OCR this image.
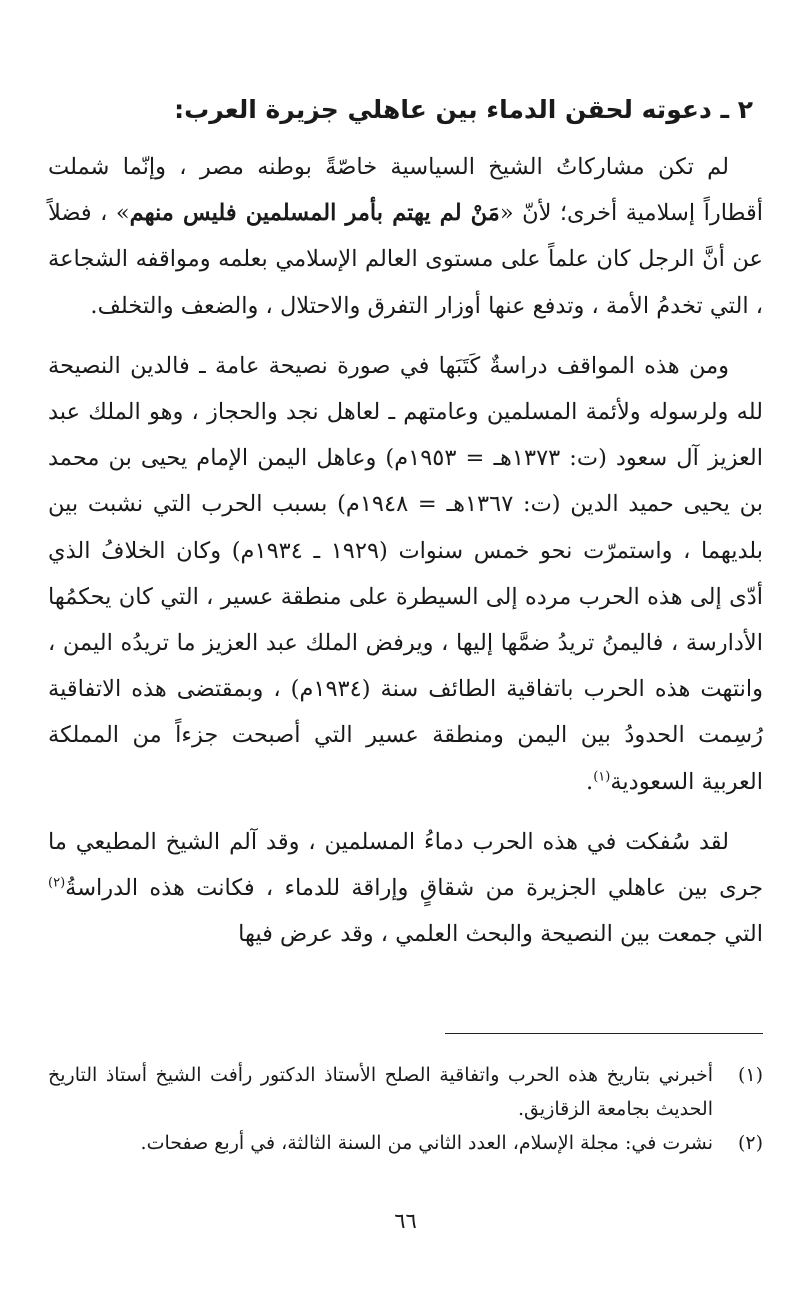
٢ ـ دعوته لحقن الدماء بين عاهلي جزيرة العرب:

لم تكن مشاركاتُ الشيخ السياسية خاصّةً بوطنه مصر ، وإنّما شملت أقطاراً إسلامية أخرى؛ لأنّ «مَنْ لم يهتم بأمر المسلمين فليس منهم» ، فضلاً عن أنَّ الرجل كان علماً على مستوى العالم الإسلامي بعلمه ومواقفه الشجاعة ، التي تخدمُ الأمة ، وتدفع عنها أوزار التفرق والاحتلال ، والضعف والتخلف.

ومن هذه المواقف دراسةٌ كَتَبَها في صورة نصيحة عامة ـ فالدين النصيحة لله ولرسوله ولأئمة المسلمين وعامتهم ـ لعاهل نجد والحجاز ، وهو الملك عبد العزيز آل سعود (ت: ١٣٧٣هـ = ١٩٥٣م) وعاهل اليمن الإمام يحيى بن محمد بن يحيى حميد الدين (ت: ١٣٦٧هـ = ١٩٤٨م) بسبب الحرب التي نشبت بين بلديهما ، واستمرّت نحو خمس سنوات (١٩٢٩ ـ ١٩٣٤م) وكان الخلافُ الذي أدّى إلى هذه الحرب مرده إلى السيطرة على منطقة عسير ، التي كان يحكمُها الأدارسة ، فاليمنُ تريدُ ضمَّها إليها ، ويرفض الملك عبد العزيز ما تريدُه اليمن ، وانتهت هذه الحرب باتفاقية الطائف سنة (١٩٣٤م) ، وبمقتضى هذه الاتفاقية رُسِمت الحدودُ بين اليمن ومنطقة عسير التي أصبحت جزءاً من المملكة العربية السعودية$^{(١)}$.

لقد سُفكت في هذه الحرب دماءُ المسلمين ، وقد آلم الشيخ المطيعي ما جرى بين عاهلي الجزيرة من شقاقٍ وإراقة للدماء ، فكانت هذه الدراسةُ$^{(٢)}$ التي جمعت بين النصيحة والبحث العلمي ، وقد عرض فيها

(١)
أخبرني بتاريخ هذه الحرب واتفاقية الصلح الأستاذ الدكتور رأفت الشيخ أستاذ التاريخ الحديث بجامعة الزقازيق.
(٢)
نشرت في: مجلة الإسلام، العدد الثاني من السنة الثالثة، في أربع صفحات.
٦٦
